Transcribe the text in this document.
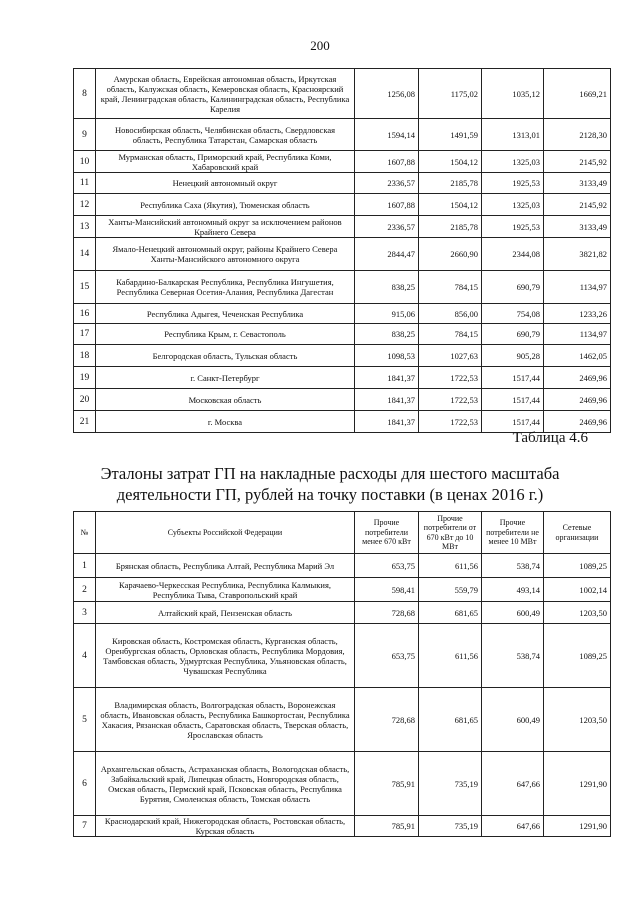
200
8	Амурская область, Еврейская автономная область, Иркутская область, Калужская область, Кемеровская область, Красноярский край, Ленинградская область, Калининградская область, Республика Карелия	1256,08	1175,02	1035,12	1669,21
9	Новосибирская область, Челябинская область, Свердловская область, Республика Татарстан, Самарская область	1594,14	1491,59	1313,01	2128,30
10	Мурманская область, Приморский край, Республика Коми, Хабаровский край	1607,88	1504,12	1325,03	2145,92
11	Ненецкий автономный округ	2336,57	2185,78	1925,53	3133,49
12	Республика Саха (Якутия), Тюменская область	1607,88	1504,12	1325,03	2145,92
13	Ханты-Мансийский автономный округ за исключением районов Крайнего Севера	2336,57	2185,78	1925,53	3133,49
14	Ямало-Ненецкий автономный округ, районы Крайнего Севера Ханты-Мансийского автономного округа	2844,47	2660,90	2344,08	3821,82
15	Кабардино-Балкарская Республика, Республика Ингушетия, Республика Северная Осетия-Алания, Республика Дагестан	838,25	784,15	690,79	1134,97
16	Республика Адыгея, Чеченская Республика	915,06	856,00	754,08	1233,26
17	Республика Крым, г. Севастополь	838,25	784,15	690,79	1134,97
18	Белгородская область, Тульская область	1098,53	1027,63	905,28	1462,05
19	г. Санкт-Петербург	1841,37	1722,53	1517,44	2469,96
20	Московская область	1841,37	1722,53	1517,44	2469,96
21	г. Москва	1841,37	1722,53	1517,44	2469,96
Таблица 4.6
Эталоны затрат ГП на накладные расходы для шестого масштаба деятельности ГП, рублей на точку поставки (в ценах 2016 г.)
№	Субъекты Российской Федерации	Прочие потребители менее 670 кВт	Прочие потребители от 670 кВт до 10 МВт	Прочие потребители не менее 10 МВт	Сетевые организации
1	Брянская область, Республика Алтай, Республика Марий Эл	653,75	611,56	538,74	1089,25
2	Карачаево-Черкесская Республика, Республика Калмыкия, Республика Тыва, Ставропольский край	598,41	559,79	493,14	1002,14
3	Алтайский край, Пензенская область	728,68	681,65	600,49	1203,50
4	Кировская область, Костромская область, Курганская область, Оренбургская область, Орловская область, Республика Мордовия, Тамбовская область, Удмуртская Республика, Ульяновская область, Чувашская Республика	653,75	611,56	538,74	1089,25
5	Владимирская область, Волгоградская область, Воронежская область, Ивановская область, Республика Башкортостан, Республика Хакасия, Рязанская область, Саратовская область, Тверская область, Ярославская область	728,68	681,65	600,49	1203,50
6	Архангельская область, Астраханская область, Вологодская область, Забайкальский край, Липецкая область, Новгородская область, Омская область, Пермский край, Псковская область, Республика Бурятия, Смоленская область, Томская область	785,91	735,19	647,66	1291,90
7	Краснодарский край, Нижегородская область, Ростовская область, Курская область	785,91	735,19	647,66	1291,90
